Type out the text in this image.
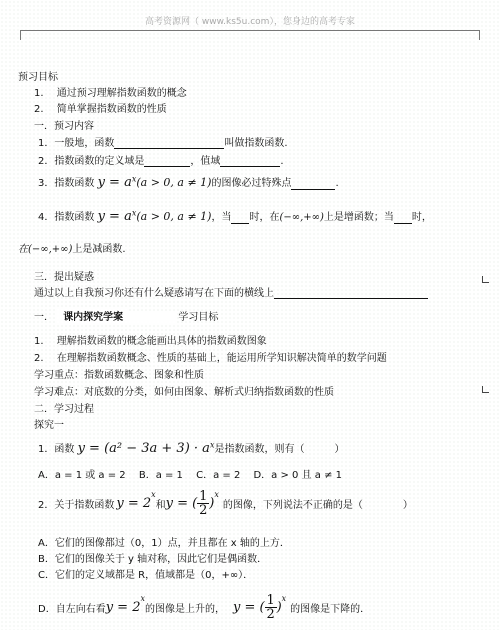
高考资源网（ www.ks5u.com），您身边的高考专家
预习目标
1.　 通过预习理解指数函数的概念
2.　 简单掌握指数函数的性质
一．预习内容
1．一般地，函数	叫做指数函数.
2．指数函数的定义域是	，值域	.
3．指数函数 $y = a^x(a > 0$, a ≠ 1)的图像必过特殊点	.
4．指数函数 $y = a^x(a > 0$, a ≠ 1)，当 时，在(−∞,+∞)上是增函数；当 时，
在(−∞,+∞)上是减函数.
三．提出疑惑
通过以上自我预习你还有什么疑惑请写在下面的横线上
一． 课内探究学案	学习目标
1.　 理解指数函数的概念能画出具体的指数函数图象
2.　 在理解指数函数概念、性质的基础上，能运用所学知识解决简单的数学问题
学习重点：指数函数概念、图象和性质
学习难点：对底数的分类，如何由图象、解析式归纳指数函数的性质
二．学习过程
探究一
1．函数 $y = (a^2 - 3a + 3) \cdot a^x$是指数函数，则有（　　　）
A．a = 1 或 a = 2　 B．a = 1　 C．a = 2　 D．a > 0 且 a ≠ 1
2．关于指数函数 y = 2
$^x$
和 y = ( 1
2 )
$^x$
的图像，下列说法不正确的是（　　　　）
A．它们的图像都过（0，1）点，并且都在 x 轴的上方．
B．它们的图像关于 y 轴对称，因此它们是偶函数．
C．它们的定义域都是 R，值域都是（0，+∞）．
D．自左向右看 y = 2
$^x$
的图像是上升的， y = ( 1
2 )
$^x$
的图像是下降的．
